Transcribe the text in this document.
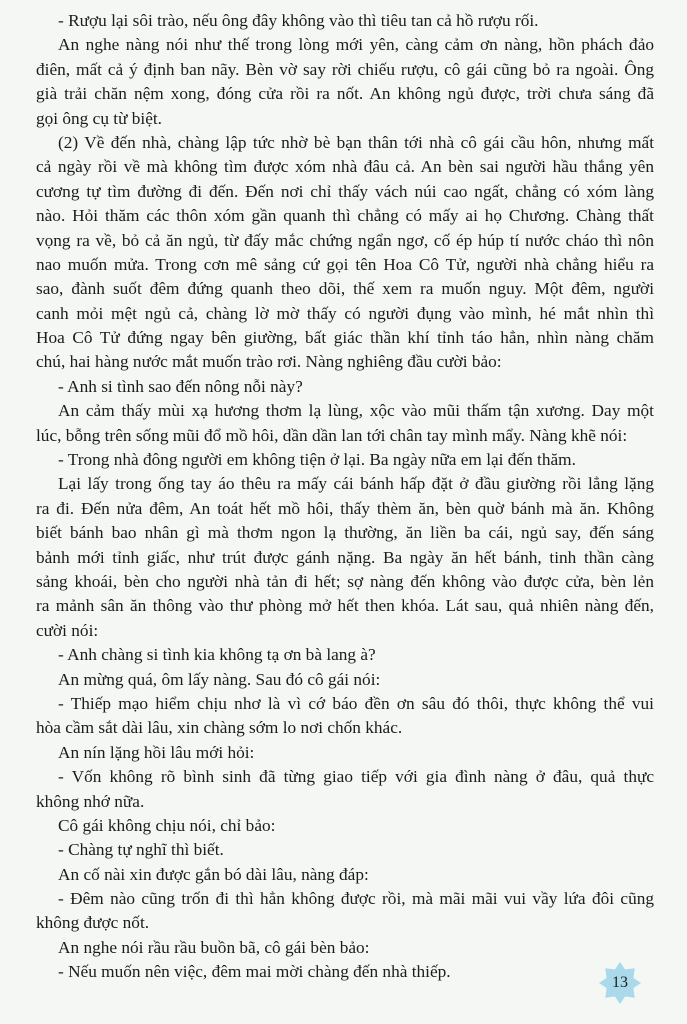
- Rượu lại sôi trào, nếu ông đây không vào thì tiêu tan cả hồ rượu rối.
An nghe nàng nói như thế trong lòng mới yên, càng cảm ơn nàng, hồn phách đảo
điên, mất cả ý định ban nãy. Bèn vờ say rời chiếu rượu, cô gái cũng bỏ ra ngoài. Ông
già trải chăn nệm xong, đóng cửa rồi ra nốt. An không ngủ được, trời chưa sáng đã
gọi ông cụ từ biệt.
(2) Về đến nhà, chàng lập tức nhờ bè bạn thân tới nhà cô gái cầu hôn, nhưng mất
cả ngày rồi về mà không tìm được xóm nhà đâu cả. An bèn sai người hầu thắng yên
cương tự tìm đường đi đến. Đến nơi chỉ thấy vách núi cao ngất, chẳng có xóm làng
nào. Hỏi thăm các thôn xóm gần quanh thì chẳng có mấy ai họ Chương. Chàng thất
vọng ra về, bỏ cả ăn ngủ, từ đấy mắc chứng ngẩn ngơ, cố ép húp tí nước cháo thì nôn
nao muốn mửa. Trong cơn mê sảng cứ gọi tên Hoa Cô Tử, người nhà chẳng hiểu ra
sao, đành suốt đêm đứng quanh theo dõi, thế xem ra muốn nguy. Một đêm, người
canh mỏi mệt ngủ cả, chàng lờ mờ thấy có người đụng vào mình, hé mắt nhìn thì
Hoa Cô Tử đứng ngay bên giường, bất giác thần khí tỉnh táo hẳn, nhìn nàng chăm
chú, hai hàng nước mắt muốn trào rơi. Nàng nghiêng đầu cười bảo:
- Anh si tình sao đến nông nỗi này?
An cảm thấy mùi xạ hương thơm lạ lùng, xộc vào mũi thấm tận xương. Day một
lúc, bỗng trên sống mũi đổ mồ hôi, dần dần lan tới chân tay mình mẩy. Nàng khẽ nói:
- Trong nhà đông người em không tiện ở lại. Ba ngày nữa em lại đến thăm.
Lại lấy trong ống tay áo thêu ra mấy cái bánh hấp đặt ở đầu giường rồi lẳng lặng
ra đi. Đến nửa đêm, An toát hết mồ hôi, thấy thèm ăn, bèn quờ bánh mà ăn. Không
biết bánh bao nhân gì mà thơm ngon lạ thường, ăn liền ba cái, ngủ say, đến sáng
bảnh mới tỉnh giấc, như trút được gánh nặng. Ba ngày ăn hết bánh, tinh thần càng
sảng khoái, bèn cho người nhà tản đi hết; sợ nàng đến không vào được cửa, bèn lẻn
ra mảnh sân ăn thông vào thư phòng mở hết then khóa. Lát sau, quả nhiên nàng đến,
cười nói:
- Anh chàng si tình kia không tạ ơn bà lang à?
An mừng quá, ôm lấy nàng. Sau đó cô gái nói:
- Thiếp mạo hiểm chịu nhơ là vì cớ báo đền ơn sâu đó thôi, thực không thể vui
hòa cầm sắt dài lâu, xin chàng sớm lo nơi chốn khác.
An nín lặng hồi lâu mới hỏi:
- Vốn không rõ bình sinh đã từng giao tiếp với gia đình nàng ở đâu, quả thực
không nhớ nữa.
Cô gái không chịu nói, chỉ bảo:
- Chàng tự nghĩ thì biết.
An cố nài xin được gắn bó dài lâu, nàng đáp:
- Đêm nào cũng trốn đi thì hẳn không được rồi, mà mãi mãi vui vầy lứa đôi cũng
không được nốt.
An nghe nói rầu rầu buồn bã, cô gái bèn bảo:
- Nếu muốn nên việc, đêm mai mời chàng đến nhà thiếp.
13
